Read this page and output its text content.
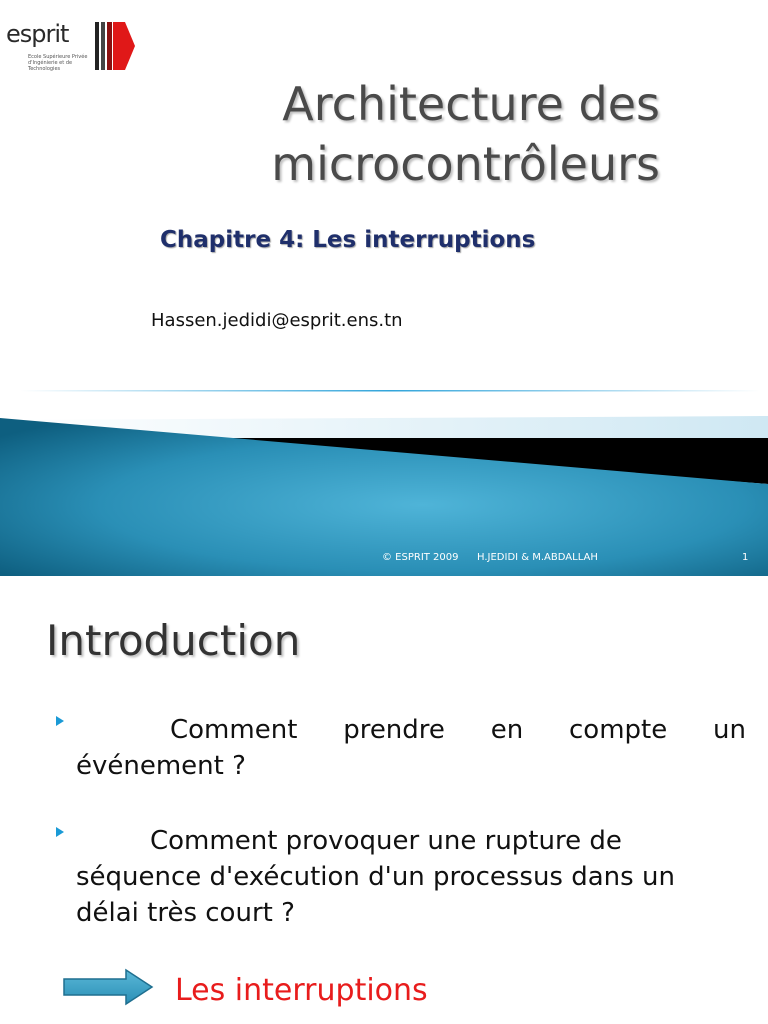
esprit
Ecole Supérieure Privée d'Ingénierie et de Technologies
Architecture des
microcontrôleurs
Chapitre 4: Les interruptions
Hassen.jedidi@esprit.ens.tn
© ESPRIT 2009 H.JEDIDI & M.ABDALLAH	1
Introduction
Comment prendre en compte un événement ?
Comment provoquer une rupture de séquence d'exécution d'un processus dans un délai très court ?
Les interruptions
